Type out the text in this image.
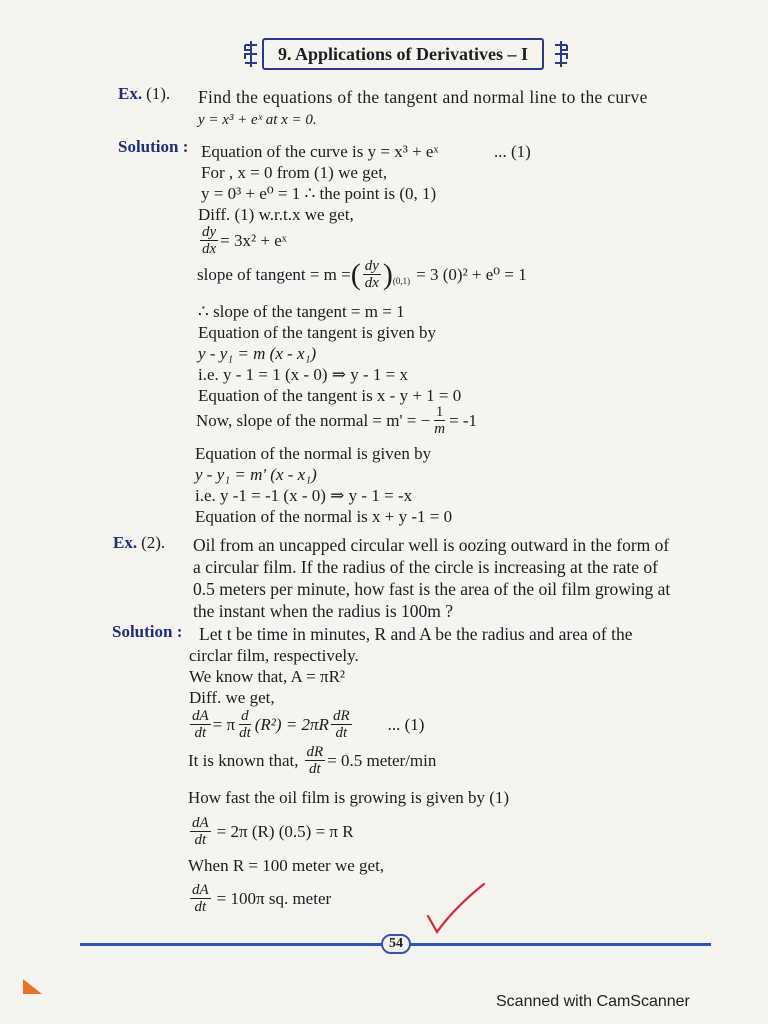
9. Applications of Derivatives – I
Ex. (1). Find the equations of the tangent and normal line to the curve
y = x³ + eˣ at x = 0.
Solution : Equation of the curve is y = x³ + eˣ	... (1)
For , x = 0 from (1) we get,
y = 0³ + e⁰ = 1 ∴ the point is (0, 1)
Diff. (1) w.r.t.x we get,
$\frac{dy}{dx} = 3x^2$ + eˣ
slope of tangent = m = ( $\frac{dy}{dx}$ ) (0,1) = 3 (0)² + e⁰ = 1
∴ slope of the tangent = m = 1
Equation of the tangent is given by
y - y₁ = m (x - x₁)
i.e. y - 1 = 1 (x - 0) ⇒ y - 1 = x
Equation of the tangent is x - y + 1 = 0
Now, slope of the normal = m' = − $\frac{1}{m} = -1$
Equation of the normal is given by
y - y₁ = m' (x - x₁)
i.e. y -1 = -1 (x - 0) ⇒ y - 1 = -x
Equation of the normal is x + y -1 = 0
Ex. (2). Oil from an uncapped circular well is oozing outward in the form of
a circular film. If the radius of the circle is increasing at the rate of
0.5 meters per minute, how fast is the area of the oil film growing at
the instant when the radius is 100m ?
Solution : Let t be time in minutes, R and A be the radius and area of the
circlar film, respectively.
We know that, A = πR²
Diff. we get,
$\frac{dA}{dt} = \pi \frac{d}{dt} (R^2) = 2\pi R \frac{dR}{dt}$ ... (1)
It is known that, $\frac{dR}{dt} = 0.5$ meter/min
How fast the oil film is growing is given by (1)
$\frac{dA}{dt} = 2\pi$ (R) (0.5) = π R
When R = 100 meter we get,
$\frac{dA}{dt} = 100\pi$ sq. meter
54
Scanned with CamScanner
